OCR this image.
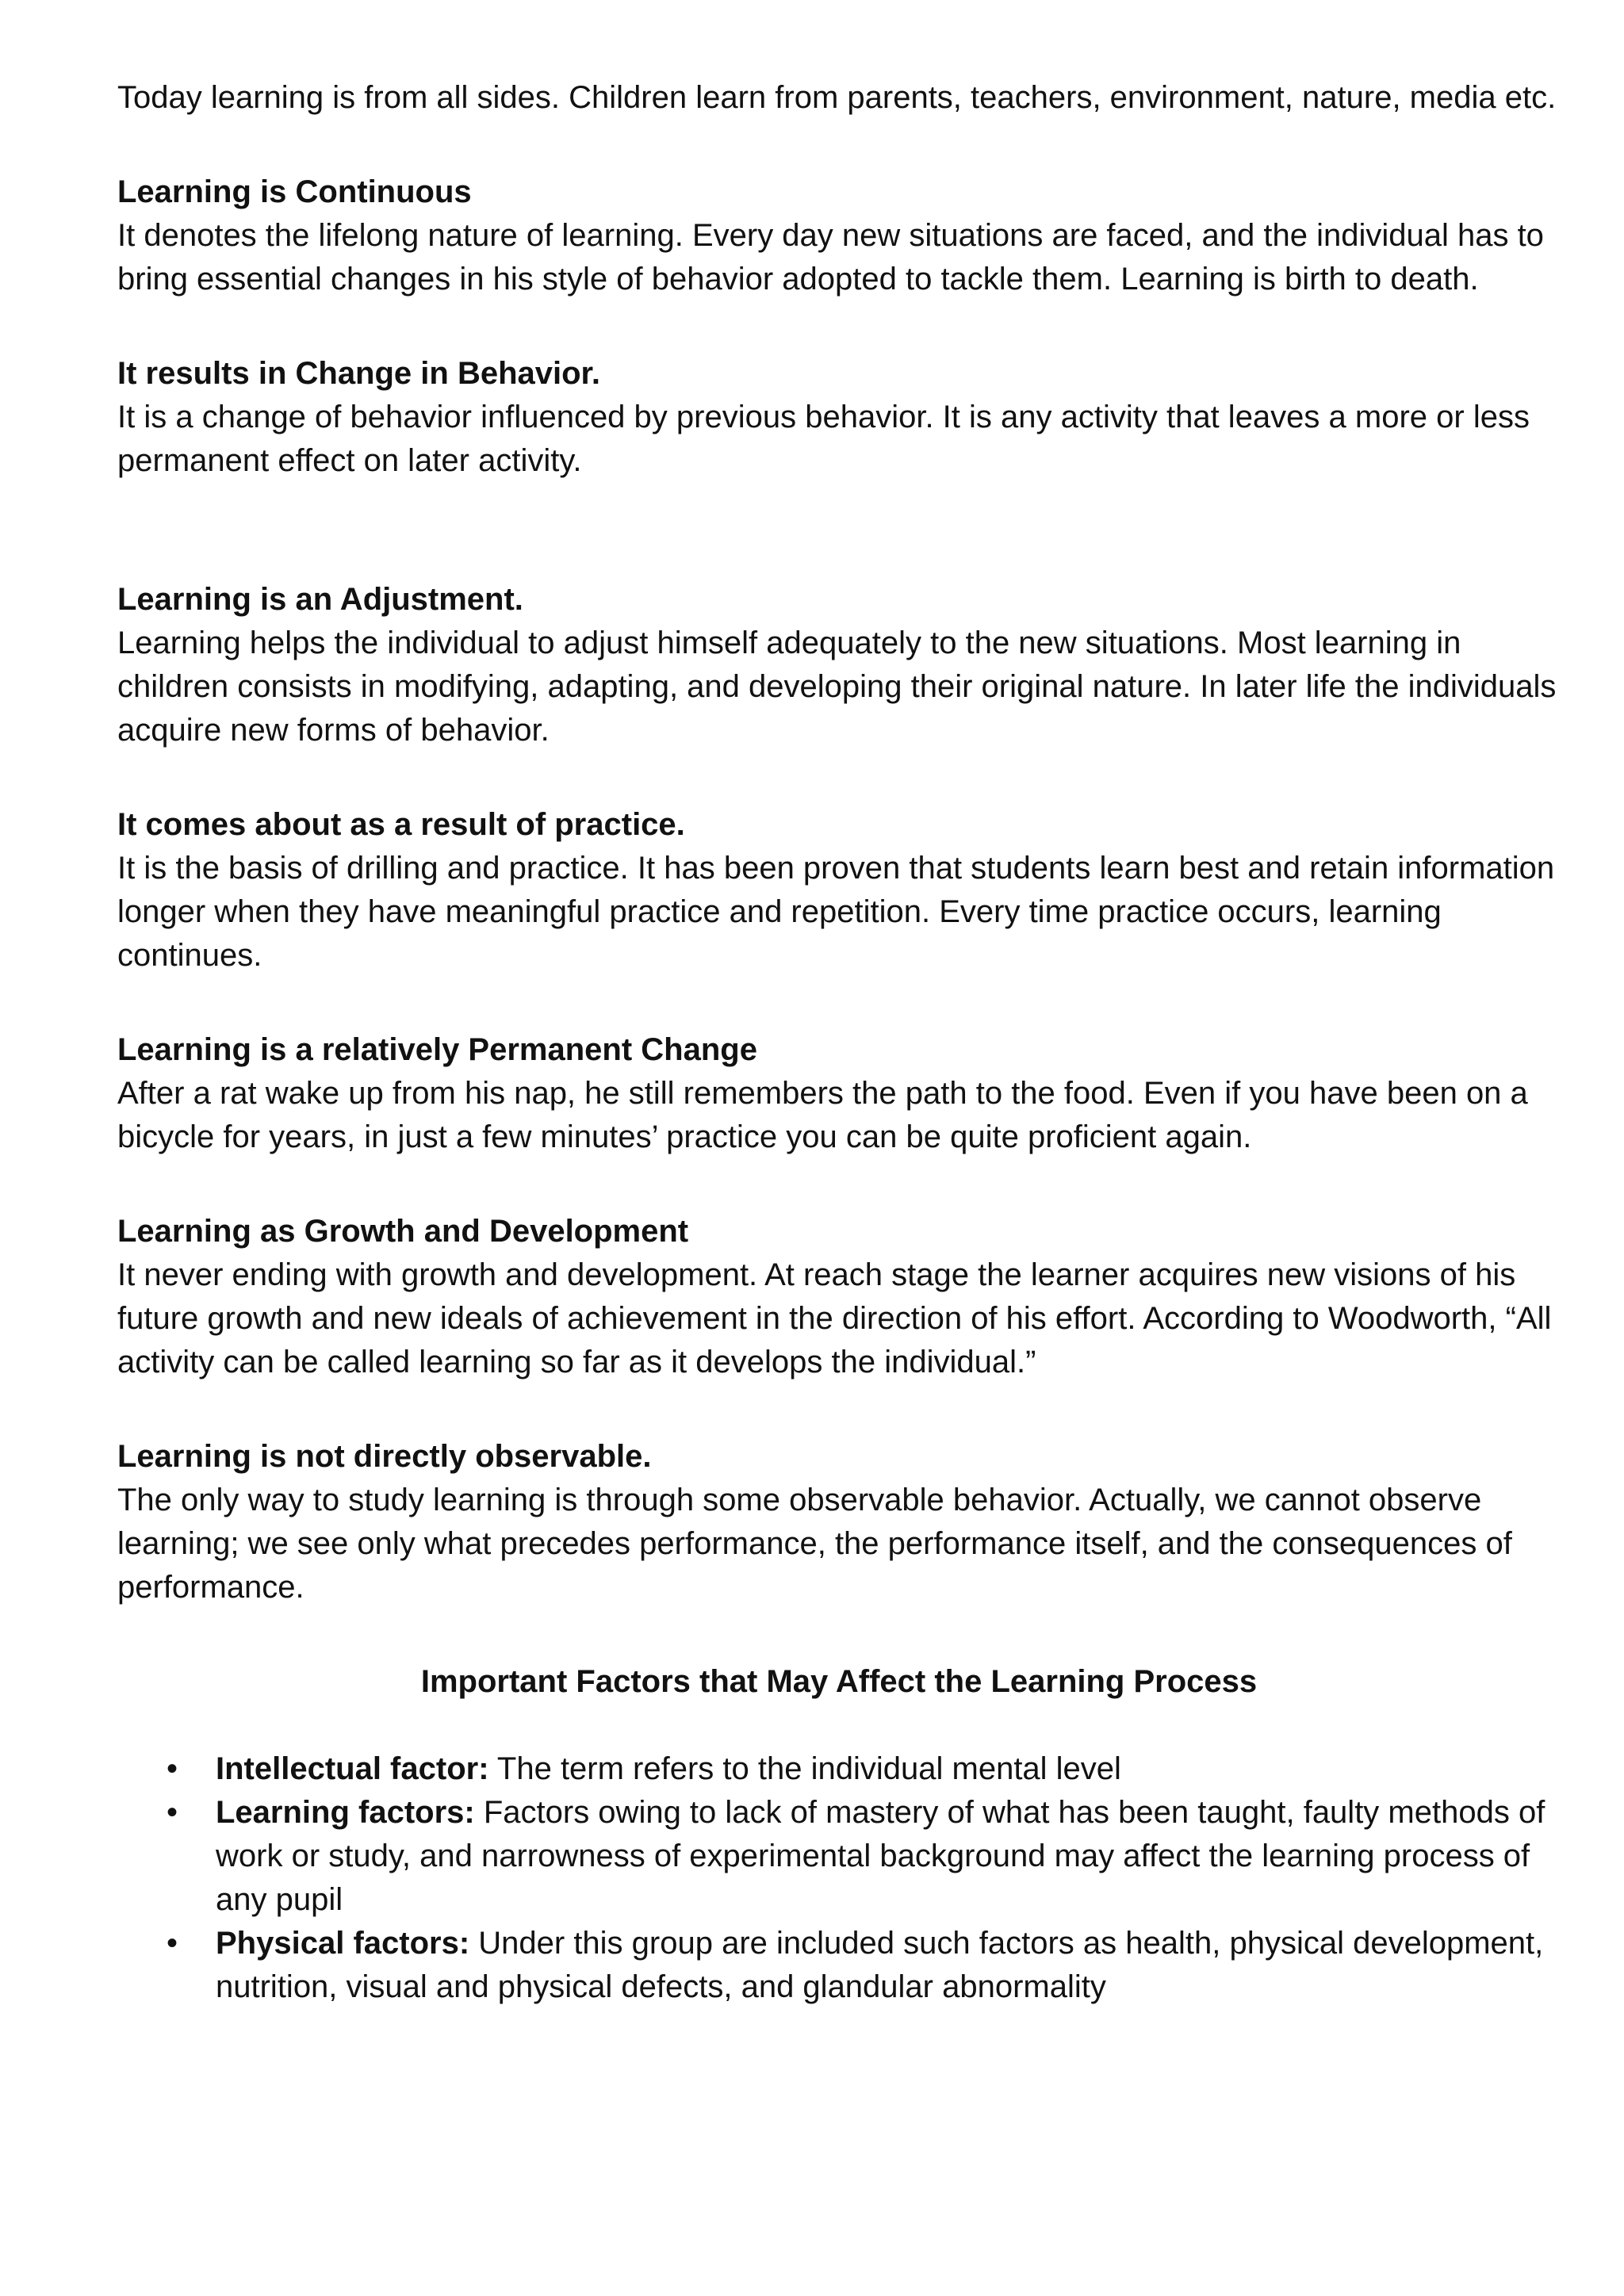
Today learning is from all sides. Children learn from parents, teachers, environment, nature, media etc.

Learning is Continuous

It denotes the lifelong nature of learning. Every day new situations are faced, and the individual has to bring essential changes in his style of behavior adopted to tackle them. Learning is birth to death.

It results in Change in Behavior.

It is a change of behavior influenced by previous behavior. It is any activity that leaves a more or less permanent effect on later activity.

Learning is an Adjustment.

Learning helps the individual to adjust himself adequately to the new situations. Most learning in children consists in modifying, adapting, and developing their original nature. In later life the individuals acquire new forms of behavior.

It comes about as a result of practice.

It is the basis of drilling and practice. It has been proven that students learn best and retain information longer when they have meaningful practice and repetition. Every time practice occurs, learning continues.

Learning is a relatively Permanent Change

After a rat wake up from his nap, he still remembers the path to the food. Even if you have been on a bicycle for years, in just a few minutes’ practice you can be quite proficient again.

Learning as Growth and Development

It never ending with growth and development. At reach stage the learner acquires new visions of his future growth and new ideals of achievement in the direction of his effort. According to Woodworth, “All activity can be called learning so far as it develops the individual.”

Learning is not directly observable.

The only way to study learning is through some observable behavior. Actually, we cannot observe learning; we see only what precedes performance, the performance itself, and the consequences of performance.

Important Factors that May Affect the Learning Process

• Intellectual factor: The term refers to the individual mental level
• Learning factors: Factors owing to lack of mastery of what has been taught, faulty methods of work or study, and narrowness of experimental background may affect the learning process of any pupil
• Physical factors: Under this group are included such factors as health, physical development, nutrition, visual and physical defects, and glandular abnormality
